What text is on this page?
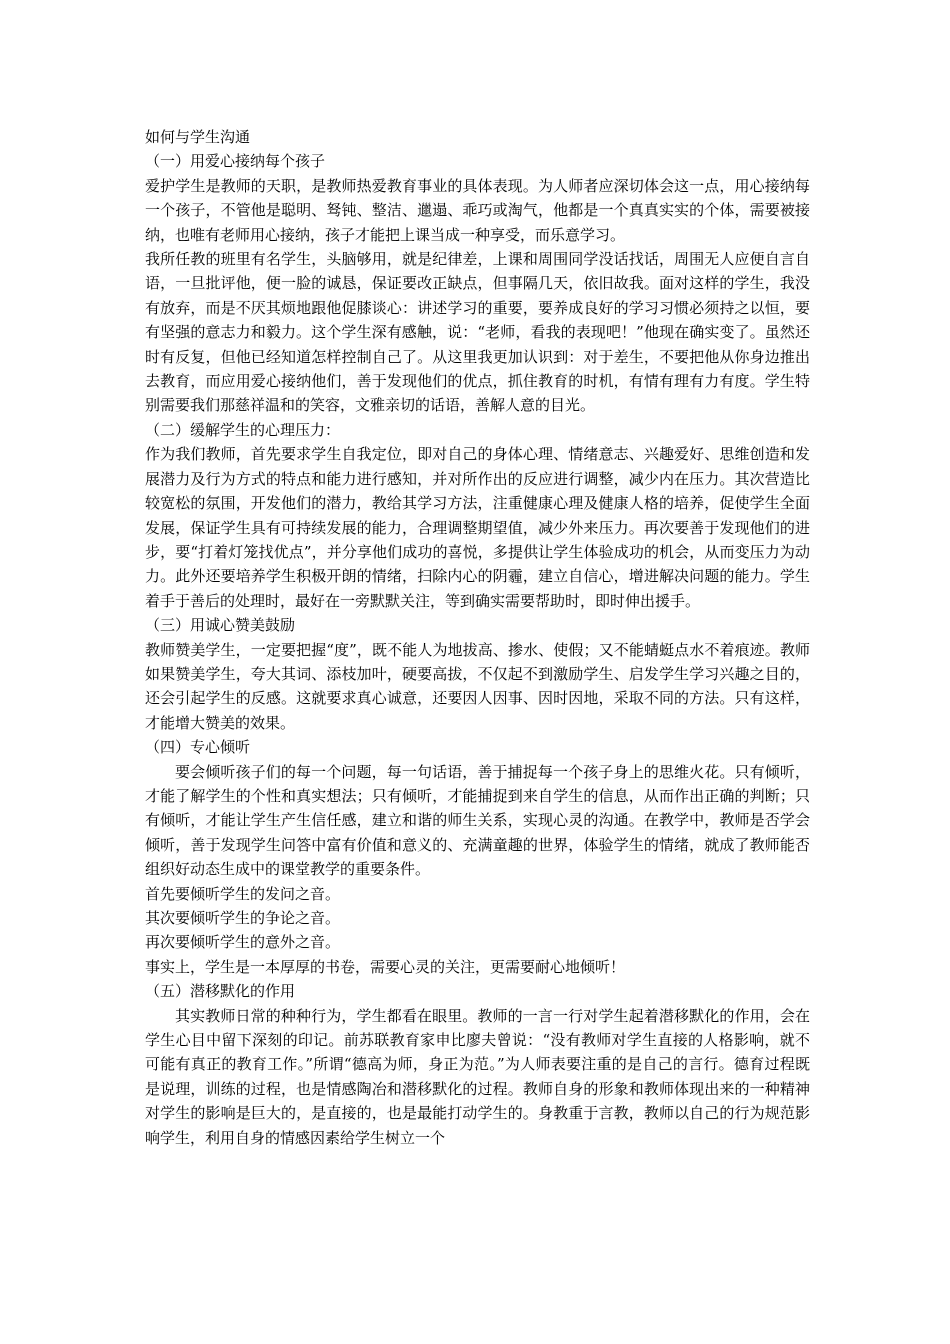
如何与学生沟通
（一）用爱心接纳每个孩子

爱护学生是教师的天职，是教师热爱教育事业的具体表现。为人师者应深切体会这一点，用心接纳每一个孩子，不管他是聪明、驽钝、整洁、邋遢、乖巧或淘气，他都是一个真真实实的个体，需要被接纳，也唯有老师用心接纳，孩子才能把上课当成一种享受，而乐意学习。

我所任教的班里有名学生，头脑够用，就是纪律差，上课和周围同学没话找话，周围无人应便自言自语，一旦批评他，便一脸的诚恳，保证要改正缺点，但事隔几天，依旧故我。面对这样的学生，我没有放弃，而是不厌其烦地跟他促膝谈心：讲述学习的重要，要养成良好的学习习惯必须持之以恒，要有坚强的意志力和毅力。这个学生深有感触，说：“老师，看我的表现吧！”他现在确实变了。虽然还时有反复，但他已经知道怎样控制自己了。从这里我更加认识到：对于差生，不要把他从你身边推出去教育，而应用爱心接纳他们，善于发现他们的优点，抓住教育的时机，有情有理有力有度。学生特别需要我们那慈祥温和的笑容，文雅亲切的话语，善解人意的目光。

（二）缓解学生的心理压力：

作为我们教师，首先要求学生自我定位，即对自己的身体心理、情绪意志、兴趣爱好、思维创造和发展潜力及行为方式的特点和能力进行感知，并对所作出的反应进行调整，减少内在压力。其次营造比较宽松的氛围，开发他们的潜力，教给其学习方法，注重健康心理及健康人格的培养，促使学生全面发展，保证学生具有可持续发展的能力，合理调整期望值，减少外来压力。再次要善于发现他们的进步，要“打着灯笼找优点”，并分享他们成功的喜悦，多提供让学生体验成功的机会，从而变压力为动力。此外还要培养学生积极开朗的情绪，扫除内心的阴霾，建立自信心，增进解决问题的能力。学生着手于善后的处理时，最好在一旁默默关注，等到确实需要帮助时，即时伸出援手。

（三）用诚心赞美鼓励

教师赞美学生，一定要把握“度”，既不能人为地拔高、掺水、使假；又不能蜻蜓点水不着痕迹。教师如果赞美学生，夸大其词、添枝加叶，硬要高拔，不仅起不到激励学生、启发学生学习兴趣之目的，还会引起学生的反感。这就要求真心诚意，还要因人因事、因时因地，采取不同的方法。只有这样，才能增大赞美的效果。

（四）专心倾听

要会倾听孩子们的每一个问题，每一句话语，善于捕捉每一个孩子身上的思维火花。只有倾听，才能了解学生的个性和真实想法；只有倾听，才能捕捉到来自学生的信息，从而作出正确的判断；只有倾听，才能让学生产生信任感，建立和谐的师生关系，实现心灵的沟通。在教学中，教师是否学会倾听，善于发现学生问答中富有价值和意义的、充满童趣的世界，体验学生的情绪，就成了教师能否组织好动态生成中的课堂教学的重要条件。

首先要倾听学生的发问之音。

其次要倾听学生的争论之音。

再次要倾听学生的意外之音。

事实上，学生是一本厚厚的书卷，需要心灵的关注，更需要耐心地倾听！

（五）潜移默化的作用

其实教师日常的种种行为，学生都看在眼里。教师的一言一行对学生起着潜移默化的作用，会在学生心目中留下深刻的印记。前苏联教育家申比廖夫曾说：“没有教师对学生直接的人格影响，就不可能有真正的教育工作。”所谓“德高为师，身正为范。”为人师表要注重的是自己的言行。德育过程既是说理，训练的过程，也是情感陶冶和潜移默化的过程。教师自身的形象和教师体现出来的一种精神对学生的影响是巨大的，是直接的，也是最能打动学生的。身教重于言教，教师以自己的行为规范影响学生，利用自身的情感因素给学生树立一个
